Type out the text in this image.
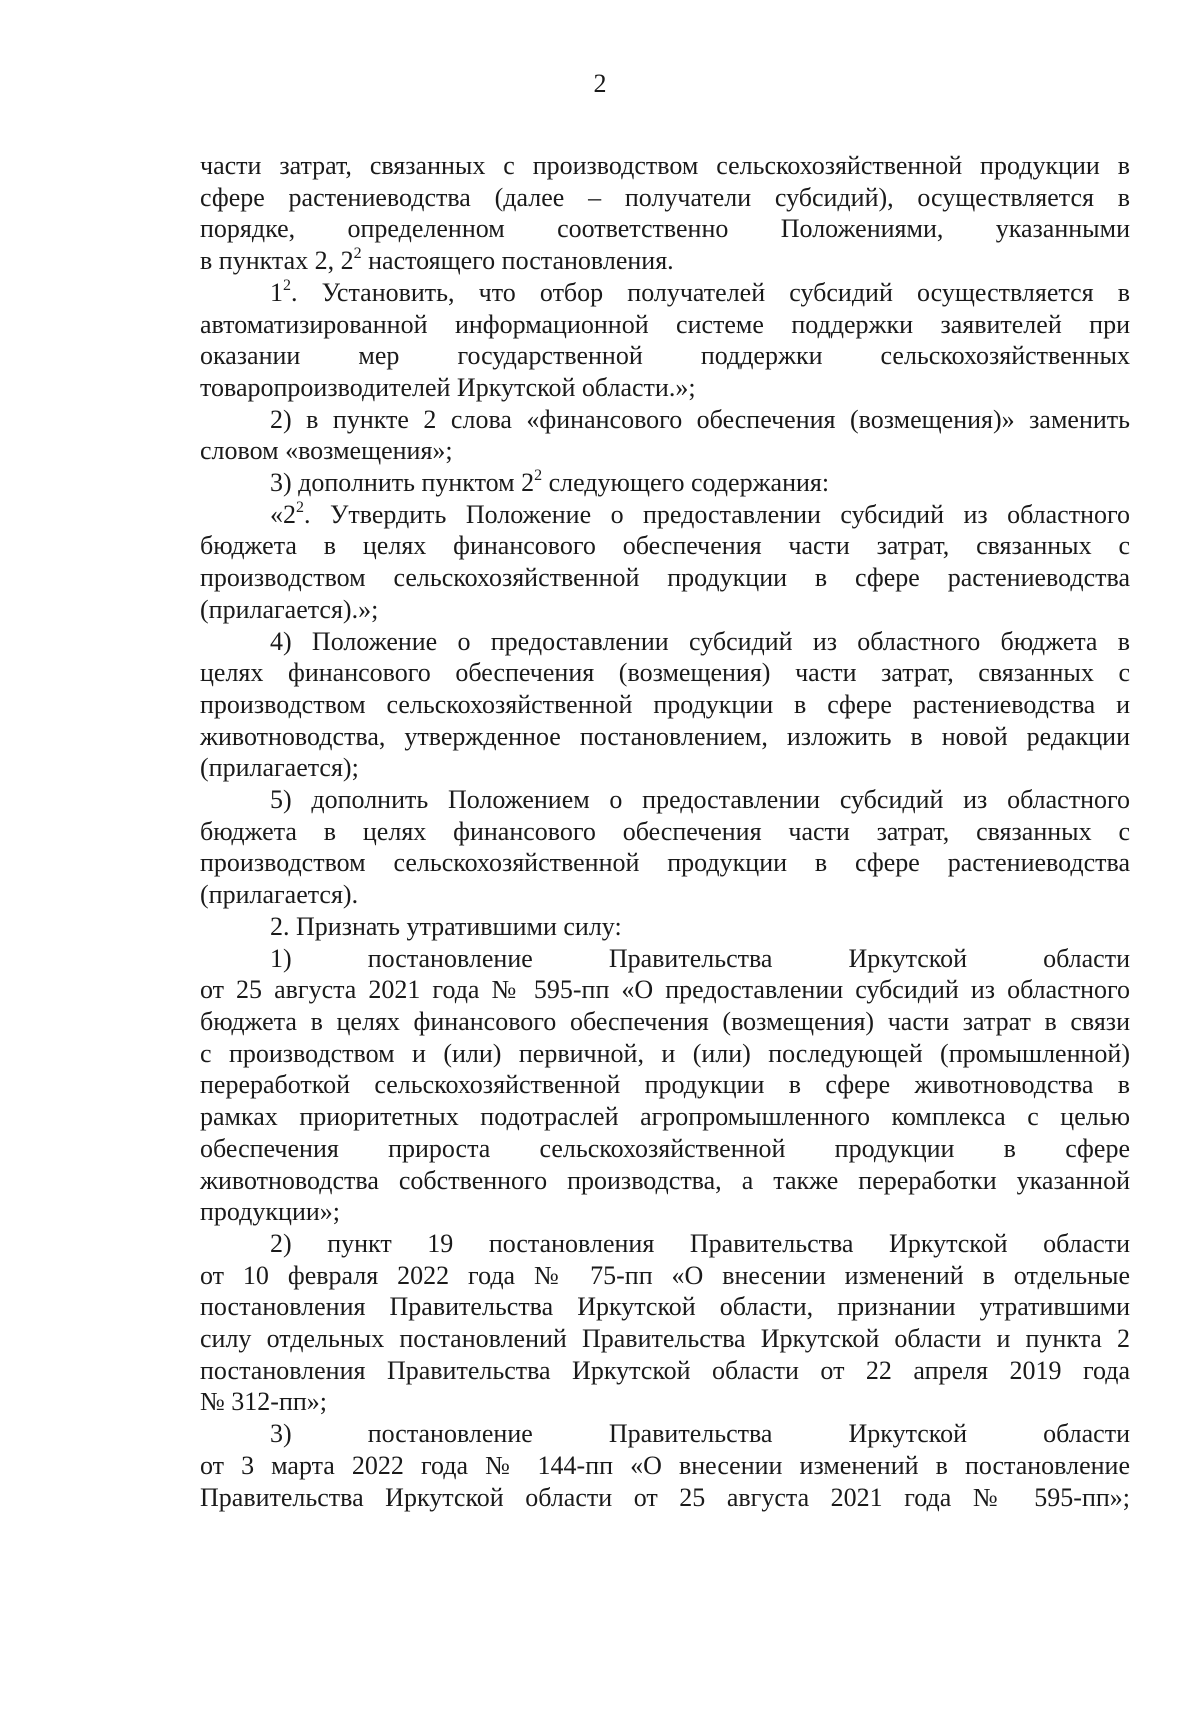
2
части затрат, связанных с производством сельскохозяйственной продукции в
сфере растениеводства (далее – получатели субсидий), осуществляется в
порядке, определенном соответственно Положениями, указанными
в пунктах 2, $2^2$ настоящего постановления.
$1^2$. Установить, что отбор получателей субсидий осуществляется в
автоматизированной информационной системе поддержки заявителей при
оказании мер государственной поддержки сельскохозяйственных
товаропроизводителей Иркутской области.»;
2) в пункте 2 слова «финансового обеспечения (возмещения)» заменить
словом «возмещения»;
3) дополнить пунктом $2^2$ следующего содержания:
«$2^2$. Утвердить Положение о предоставлении субсидий из областного
бюджета в целях финансового обеспечения части затрат, связанных с
производством сельскохозяйственной продукции в сфере растениеводства
(прилагается).»;
4) Положение о предоставлении субсидий из областного бюджета в
целях финансового обеспечения (возмещения) части затрат, связанных с
производством сельскохозяйственной продукции в сфере растениеводства и
животноводства, утвержденное постановлением, изложить в новой редакции
(прилагается);
5) дополнить Положением о предоставлении субсидий из областного
бюджета в целях финансового обеспечения части затрат, связанных с
производством сельскохозяйственной продукции в сфере растениеводства
(прилагается).
2. Признать утратившими силу:
1) постановление Правительства Иркутской области
от 25 августа 2021 года № 595-пп «О предоставлении субсидий из областного
бюджета в целях финансового обеспечения (возмещения) части затрат в связи
с производством и (или) первичной, и (или) последующей (промышленной)
переработкой сельскохозяйственной продукции в сфере животноводства в
рамках приоритетных подотраслей агропромышленного комплекса с целью
обеспечения прироста сельскохозяйственной продукции в сфере
животноводства собственного производства, а также переработки указанной
продукции»;
2) пункт 19 постановления Правительства Иркутской области
от 10 февраля 2022 года № 75-пп «О внесении изменений в отдельные
постановления Правительства Иркутской области, признании утратившими
силу отдельных постановлений Правительства Иркутской области и пункта 2
постановления Правительства Иркутской области от 22 апреля 2019 года
№ 312-пп»;
3) постановление Правительства Иркутской области
от 3 марта 2022 года № 144-пп «О внесении изменений в постановление
Правительства Иркутской области от 25 августа 2021 года № 595-пп»;
